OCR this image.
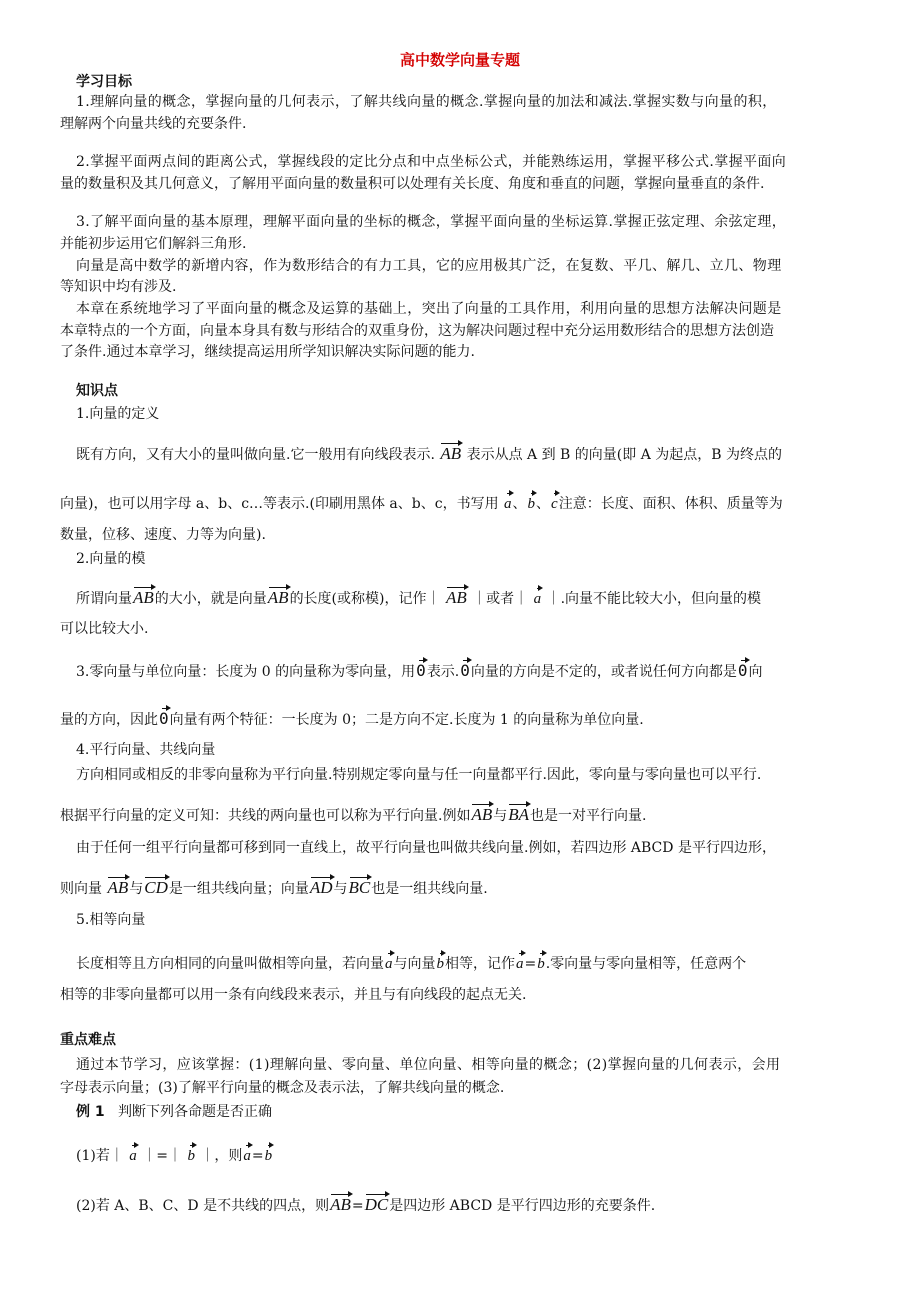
高中数学向量专题
学习目标
1.理解向量的概念，掌握向量的几何表示，了解共线向量的概念.掌握向量的加法和减法.掌握实数与向量的积，
理解两个向量共线的充要条件.
2.掌握平面两点间的距离公式，掌握线段的定比分点和中点坐标公式，并能熟练运用，掌握平移公式.掌握平面向
量的数量积及其几何意义，了解用平面向量的数量积可以处理有关长度、角度和垂直的问题，掌握向量垂直的条件.
3.了解平面向量的基本原理，理解平面向量的坐标的概念，掌握平面向量的坐标运算.掌握正弦定理、余弦定理，
并能初步运用它们解斜三角形.
向量是高中数学的新增内容，作为数形结合的有力工具，它的应用极其广泛，在复数、平几、解几、立几、物理
等知识中均有涉及.
本章在系统地学习了平面向量的概念及运算的基础上，突出了向量的工具作用，利用向量的思想方法解决问题是
本章特点的一个方面，向量本身具有数与形结合的双重身份，这为解决问题过程中充分运用数形结合的思想方法创造
了条件.通过本章学习，继续提高运用所学知识解决实际问题的能力.
知识点
1.向量的定义
既有方向，又有大小的量叫做向量.它一般用有向线段表示. AB 表示从点 A 到 B 的向量(即 A 为起点，B 为终点的
向量)，也可以用字母 a、b、c…等表示.(印刷用黑体 a、b、c，书写用 a、b、c注意：长度、面积、体积、质量等为
数量，位移、速度、力等为向量).
2.向量的模
所谓向量AB的大小，就是向量AB的长度(或称模)，记作｜ AB ｜或者｜ a ｜.向量不能比较大小，但向量的模
可以比较大小.
3.零向量与单位向量：长度为 0 的向量称为零向量，用0表示.0向量的方向是不定的，或者说任何方向都是0向
量的方向，因此0向量有两个特征：一长度为 0；二是方向不定.长度为 1 的向量称为单位向量.
4.平行向量、共线向量
方向相同或相反的非零向量称为平行向量.特别规定零向量与任一向量都平行.因此，零向量与零向量也可以平行.
根据平行向量的定义可知：共线的两向量也可以称为平行向量.例如AB与BA也是一对平行向量.
由于任何一组平行向量都可移到同一直线上，故平行向量也叫做共线向量.例如，若四边形 ABCD 是平行四边形，
则向量 AB与CD是一组共线向量；向量AD与BC也是一组共线向量.
5.相等向量
长度相等且方向相同的向量叫做相等向量，若向量a与向量b相等，记作a=b.零向量与零向量相等，任意两个
相等的非零向量都可以用一条有向线段来表示，并且与有向线段的起点无关.
重点难点
通过本节学习，应该掌握：(1)理解向量、零向量、单位向量、相等向量的概念；(2)掌握向量的几何表示，会用
字母表示向量；(3)了解平行向量的概念及表示法，了解共线向量的概念.
例 1 判断下列各命题是否正确
(1)若｜ a ｜=｜ b ｜，则a=b
(2)若 A、B、C、D 是不共线的四点，则AB=DC是四边形 ABCD 是平行四边形的充要条件.
